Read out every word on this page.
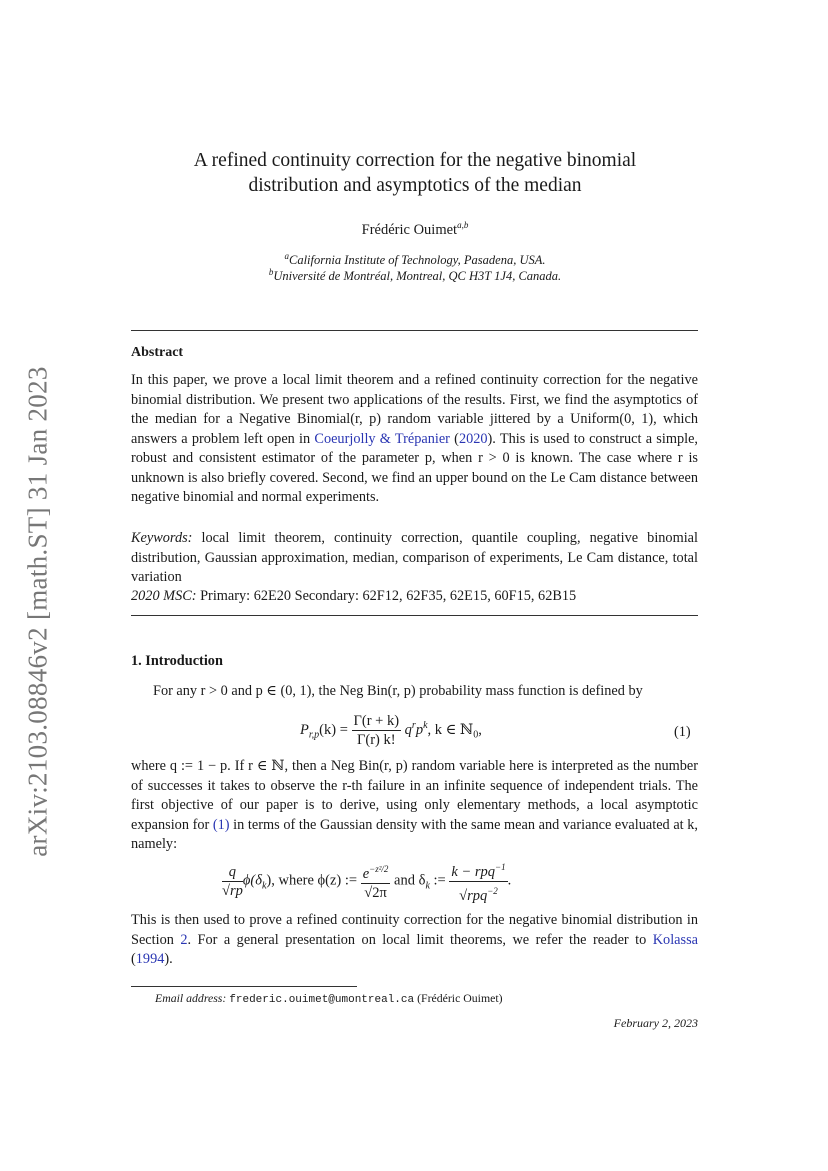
arXiv:2103.08846v2 [math.ST] 31 Jan 2023
A refined continuity correction for the negative binomial
distribution and asymptotics of the median
Frédéric Ouimet$^{a,b}$
$^a$California Institute of Technology, Pasadena, USA.
$^b$Université de Montréal, Montreal, QC H3T 1J4, Canada.
Abstract
In this paper, we prove a local limit theorem and a refined continuity correction for the negative binomial distribution. We present two applications of the results. First, we find the asymptotics of the median for a Negative Binomial(r, p) random variable jittered by a Uniform(0, 1), which answers a problem left open in Coeurjolly & Trépanier (2020). This is used to construct a simple, robust and consistent estimator of the parameter p, when r > 0 is known. The case where r is unknown is also briefly covered. Second, we find an upper bound on the Le Cam distance between negative binomial and normal experiments.
Keywords: local limit theorem, continuity correction, quantile coupling, negative binomial distribution, Gaussian approximation, median, comparison of experiments, Le Cam distance, total variation
2020 MSC: Primary: 62E20 Secondary: 62F12, 62F35, 62E15, 60F15, 62B15
1. Introduction
For any r > 0 and p ∈ (0, 1), the Neg Bin(r, p) probability mass function is defined by
$P_{r,p}(k) = \frac{\Gamma(r + k)}{\Gamma(r) k!} q^rp^k$, k ∈ ℕ$_0$,	(1)
where q := 1 − p. If r ∈ ℕ, then a Neg Bin(r, p) random variable here is interpreted as the number of successes it takes to observe the r-th failure in an infinite sequence of independent trials. The first objective of our paper is to derive, using only elementary methods, a local asymptotic expansion for (1) in terms of the Gaussian density with the same mean and variance evaluated at k, namely:
$\frac{q}{√rp} \phi(\delta_k)$, where ϕ(z) := $\frac{e^{-z^2/2}}{√2\pi}$ and $\delta_k$ := $\frac{k - rpq^{-1}}{√rpq^{-2}}$ .
This is then used to prove a refined continuity correction for the negative binomial distribution in Section 2. For a general presentation on local limit theorems, we refer the reader to Kolassa (1994).
Email address: frederic.ouimet@umontreal.ca (Frédéric Ouimet)
February 2, 2023
